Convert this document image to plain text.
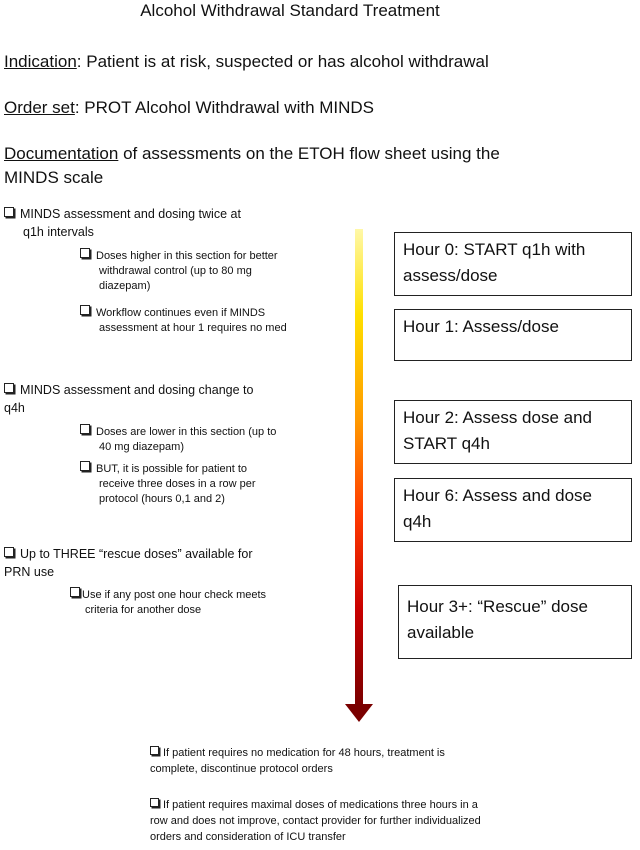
Alcohol Withdrawal Standard Treatment
Indication: Patient is at risk, suspected or has alcohol withdrawal
Order set: PROT Alcohol Withdrawal with MINDS
Documentation of assessments on the ETOH flow sheet using the
MINDS scale
MINDS assessment and dosing twice at
q1h intervals
Doses higher in this section for better
withdrawal control (up to 80 mg
diazepam)
Workflow continues even if MINDS
assessment at hour 1 requires no med
MINDS assessment and dosing change to
q4h
Doses are lower in this section (up to
40 mg diazepam)
BUT, it is possible for patient to
receive three doses in a row per
protocol (hours 0,1 and 2)
Up to THREE “rescue doses” available for
PRN use
Use if any post one hour check meets
criteria for another dose
Hour 0: START q1h with
assess/dose
Hour 1: Assess/dose
Hour 2: Assess dose and
START q4h
Hour 6: Assess and dose
q4h
Hour 3+: “Rescue” dose
available
If patient requires no medication for 48 hours, treatment is
complete, discontinue protocol orders
If patient requires maximal doses of medications three hours in a
row and does not improve, contact provider for further individualized
orders and consideration of ICU transfer
